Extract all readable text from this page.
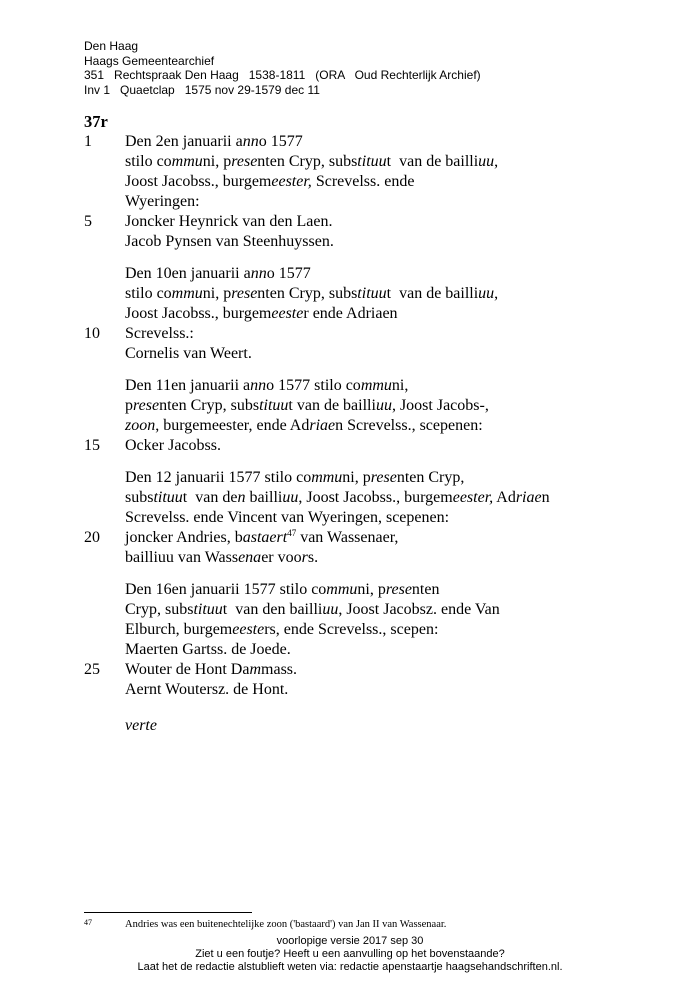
Den Haag
Haags Gemeentearchief
351   Rechtspraak Den Haag   1538-1811   (ORA   Oud Rechterlijk Archief)
Inv 1   Quaetclap   1575 nov 29-1579 dec 11
37r
1 Den 2en januarii anno 1577
stilo communi, presenten Cryp, substituut  van de bailliuu,
Joost Jacobss., burgemeester, Screvelss. ende
Wyeringen:
5 Joncker Heynrick van den Laen.
Jacob Pynsen van Steenhuyssen.
Den 10en januarii anno 1577
stilo communi, presenten Cryp, substituut  van de bailliuu,
Joost Jacobss., burgemeester ende Adriaen
10 Screvelss.:
Cornelis van Weert.
Den 11en januarii anno 1577 stilo communi,
presenten Cryp, substituut van de bailliuu, Joost Jacobs-,
zoon, burgemeester, ende Adriaen Screvelss., scepenen:
15 Ocker Jacobss.
Den 12 januarii 1577 stilo communi, presenten Cryp,
substituut  van den bailliuu, Joost Jacobss., burgemeester, Adriaen
Screvelss. ende Vincent van Wyeringen, scepenen:
20 joncker Andries, bastaert$^{47}$ van Wassenaer,
bailliuu van Wassenaer voors.
Den 16en januarii 1577 stilo communi, presenten
Cryp, substituut  van den bailliuu, Joost Jacobsz. ende Van
Elburch, burgemeesters, ende Screvelss., scepen:
Maerten Gartss. de Joede.
25 Wouter de Hont Dammass.
Aernt Woutersz. de Hont.
verte
47	Andries was een buitenechtelijke zoon ('bastaard') van Jan II van Wassenaar.
voorlopige versie 2017 sep 30
Ziet u een foutje? Heeft u een aanvulling op het bovenstaande?
Laat het de redactie alstublieft weten via: redactie apenstaartje haagsehandschriften.nl.
